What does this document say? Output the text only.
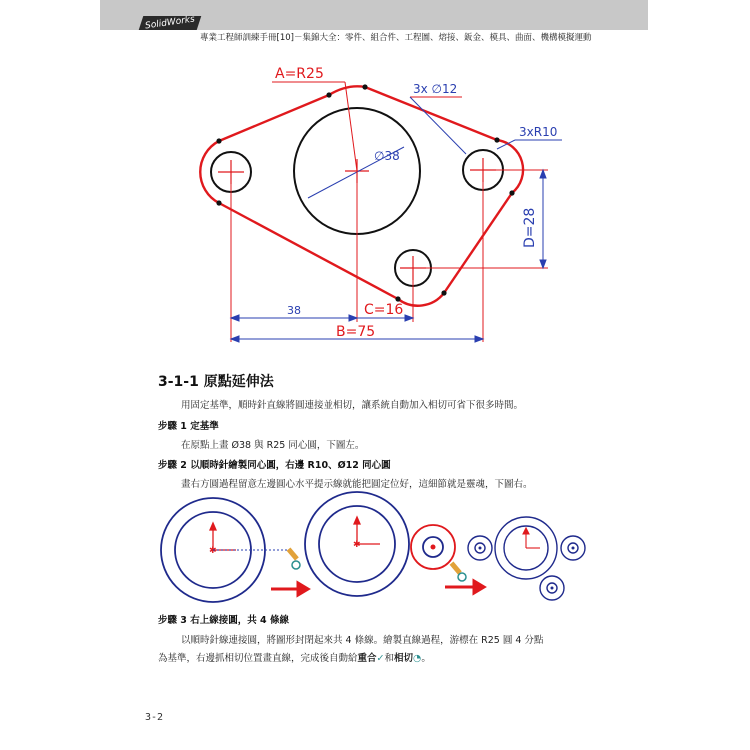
SolidWorks
專業工程師訓練手冊[10]－集錦大全：零件、組合件、工程圖、熔接、鈑金、模具、曲面、機構模擬運動
A=R25
3x ∅12
3xR10
∅38
38	C=16
B=75
D=28
✱
✱
3-1-1 原點延伸法
用固定基準，順時針直線將圓連接並相切，讓系統自動加入相切可省下很多時間。
步驟 1 定基準
在原點上畫 Ø38 與 R25 同心圓，下圖左。
步驟 2 以順時針繪製同心圓，右邊 R10、Ø12 同心圓
畫右方圓過程留意左邊圓心水平提示線就能把圓定位好，這細節就是靈魂，下圖右。
步驟 3 右上線接圓，共 4 條線
以順時針線連接圓，將圖形封閉起來共 4 條線。繪製直線過程，游標在 R25 圓 4 分點
為基準，右邊抓相切位置畫直線，完成後自動給重合✓和相切◔。
3-2
